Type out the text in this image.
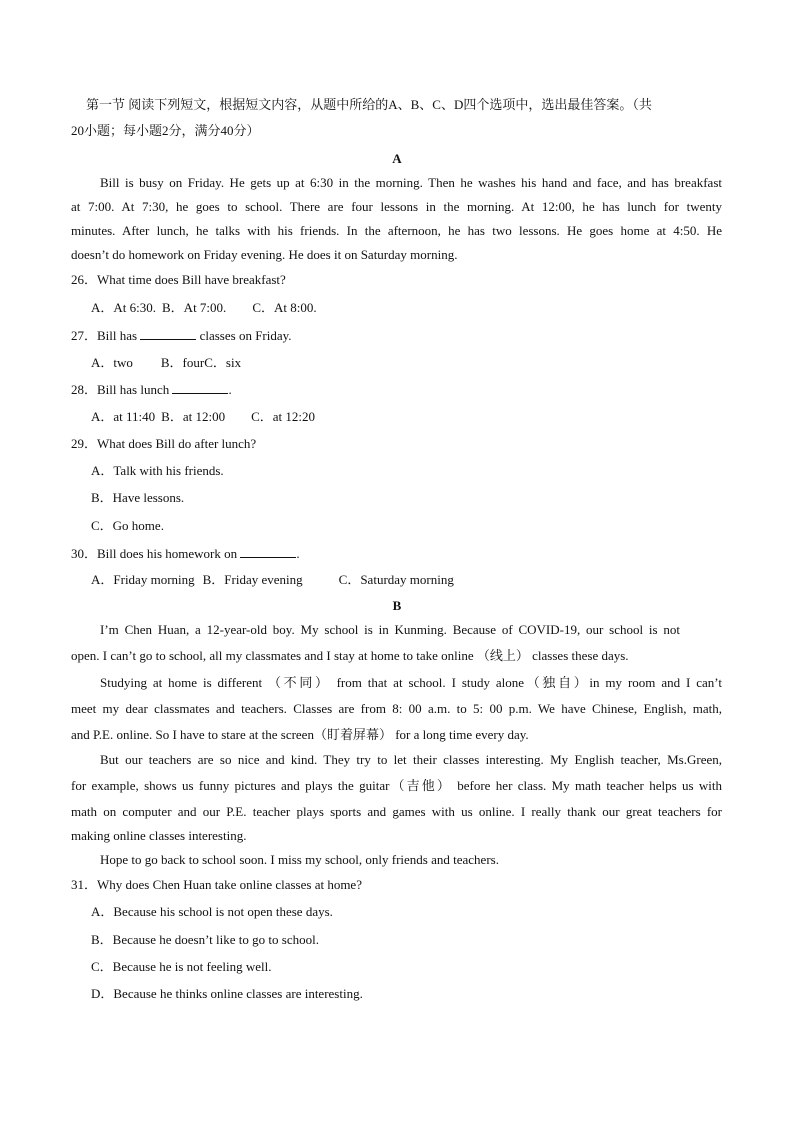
第一节 阅读下列短文，根据短文内容，从题中所给的A、B、C、D四个选项中，选出最佳答案。（共
20小题；每小题2分，满分40分）
A
Bill is busy on Friday. He gets up at 6:30 in the morning. Then he washes his hand and face, and has breakfast
at 7:00. At 7:30, he goes to school. There are four lessons in the morning. At 12:00, he has lunch for twenty
minutes. After lunch, he talks with his friends. In the afternoon, he has two lessons. He goes home at 4:50. He
doesn’t do homework on Friday evening. He does it on Saturday morning.
26．What time does Bill have breakfast?
A．At 6:30. B．At 7:00. C．At 8:00.
27．Bill has	classes on Friday.
A．two B．fourC．six
28．Bill has lunch	.
A．at 11:40 B．at 12:00 C．at 12:20
29．What does Bill do after lunch?
A．Talk with his friends.
B．Have lessons.
C．Go home.
30．Bill does his homework on	.
A．Friday morning B．Friday evening	C．Saturday morning
B
I’m Chen Huan, a 12-year-old boy. My school is in Kunming. Because of COVID-19, our school is not
open. I can’t go to school, all my classmates and I stay at home to take online （线上） classes these days.
Studying at home is different （不同） from that at school. I study alone（独自）in my room and I can’t
meet my dear classmates and teachers. Classes are from 8: 00 a.m. to 5: 00 p.m. We have Chinese, English, math,
and P.E. online. So I have to stare at the screen（盯着屏幕） for a long time every day.
But our teachers are so nice and kind. They try to let their classes interesting. My English teacher, Ms.Green,
for example, shows us funny pictures and plays the guitar（吉他） before her class. My math teacher helps us with
math on computer and our P.E. teacher plays sports and games with us online. I really thank our great teachers for
making online classes interesting.
Hope to go back to school soon. I miss my school, only friends and teachers.
31．Why does Chen Huan take online classes at home?
A．Because his school is not open these days.
B．Because he doesn’t like to go to school.
C．Because he is not feeling well.
D．Because he thinks online classes are interesting.
